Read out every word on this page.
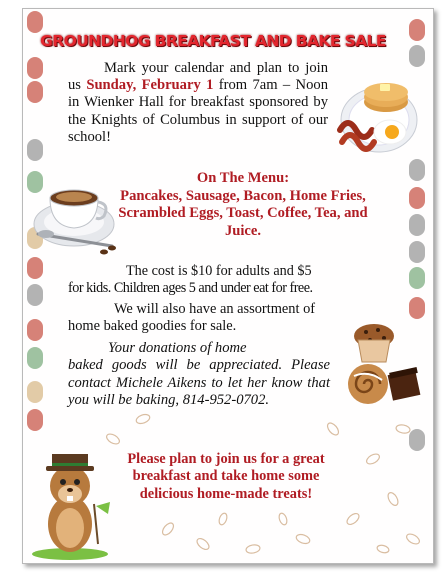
GROUNDHOG BREAKFAST AND BAKE SALE
Mark your calendar and plan to join us Sunday, February 1 from 7am – Noon in Wienker Hall for breakfast sponsored by the Knights of Columbus in support of our school!
On The Menu:
Pancakes, Sausage, Bacon, Home Fries, Scrambled Eggs, Toast, Coffee, Tea, and Juice.
The cost is $10 for adults and $5
for kids. Children ages 5 and under eat for free.
We will also have an assortment of
home baked goodies for sale.
Your donations of home
baked goods will be appreciated. Please contact Michele Aikens to let her know that you will be baking, 814-952-0702.
Please plan to join us for a great breakfast and take home some delicious home-made treats!
